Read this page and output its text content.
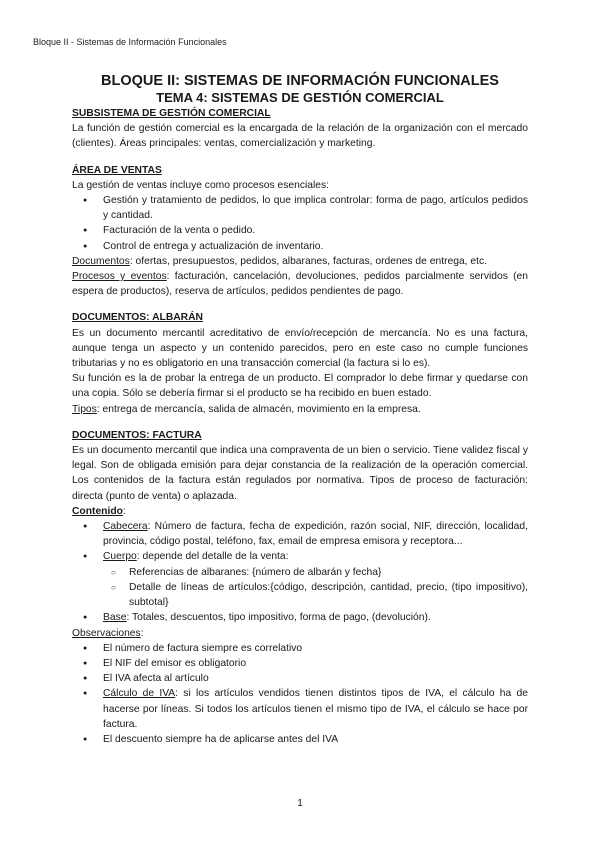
Bloque II - Sistemas de Información Funcionales
BLOQUE II: SISTEMAS DE INFORMACIÓN FUNCIONALES
TEMA 4: SISTEMAS DE GESTIÓN COMERCIAL
SUBSISTEMA DE GESTIÓN COMERCIAL

La función de gestión comercial es la encargada de la relación de la organización con el mercado (clientes). Áreas principales: ventas, comercialización y marketing.

ÁREA DE VENTAS

La gestión de ventas incluye como procesos esenciales:

● Gestión y tratamiento de pedidos, lo que implica controlar: forma de pago, artículos pedidos y cantidad.
● Facturación de la venta o pedido.
● Control de entrega y actualización de inventario.

Documentos: ofertas, presupuestos, pedidos, albaranes, facturas, ordenes de entrega, etc.

Procesos y eventos: facturación, cancelación, devoluciones, pedidos parcialmente servidos (en espera de productos), reserva de artículos, pedidos pendientes de pago.

DOCUMENTOS: ALBARÁN

Es un documento mercantil acreditativo de envío/recepción de mercancía. No es una factura, aunque tenga un aspecto y un contenido parecidos, pero en este caso no cumple funciones tributarias y no es obligatorio en una transacción comercial (la factura si lo es).

Su función es la de probar la entrega de un producto. El comprador lo debe firmar y quedarse con una copia. Sólo se debería firmar si el producto se ha recibido en buen estado.

Tipos: entrega de mercancía, salida de almacén, movimiento en la empresa.

DOCUMENTOS: FACTURA

Es un documento mercantil que indica una compraventa de un bien o servicio. Tiene validez fiscal y legal. Son de obligada emisión para dejar constancia de la realización de la operación comercial. Los contenidos de la factura están regulados por normativa. Tipos de proceso de facturación: directa (punto de venta) o aplazada.

Contenido:

● Cabecera: Número de factura, fecha de expedición, razón social, NIF, dirección, localidad, provincia, código postal, teléfono, fax, email de empresa emisora y receptora...
● Cuerpo: depende del detalle de la venta:
○ Referencias de albaranes: {número de albarán y fecha}
○ Detalle de líneas de artículos:{código, descripción, cantidad, precio, (tipo impositivo), subtotal}
● Base: Totales, descuentos, tipo impositivo, forma de pago, (devolución).

Observaciones:

● El número de factura siempre es correlativo
● El NIF del emisor es obligatorio
● El IVA afecta al artículo
● Cálculo de IVA: si los artículos vendidos tienen distintos tipos de IVA, el cálculo ha de hacerse por líneas. Si todos los artículos tienen el mismo tipo de IVA, el cálculo se hace por factura.
● El descuento siempre ha de aplicarse antes del IVA
1
